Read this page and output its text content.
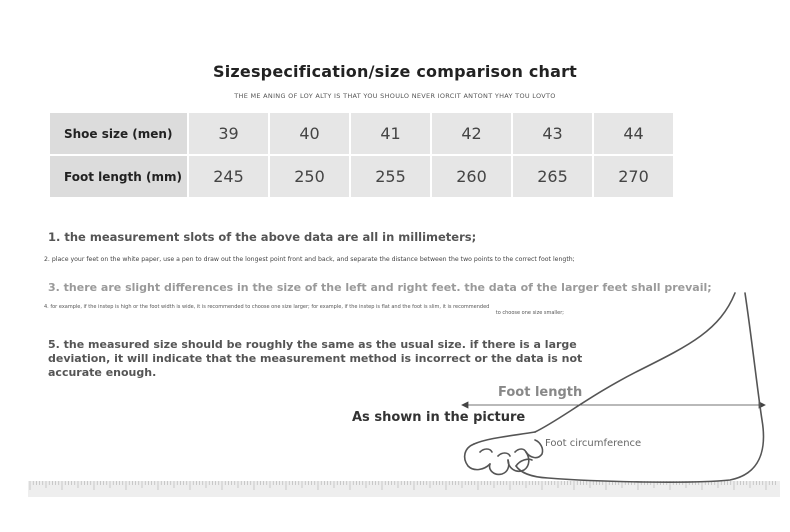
Sizespecification/size comparison chart
THE ME ANING OF LOY ALTY IS THAT YOU SHOULO NEVER IORCIT ANTONT YHAY TOU LOVTO
Shoe size (men)	39	40	41	42	43	44
Foot length (mm)	245	250	255	260	265	270
1. the measurement slots of the above data are all in millimeters;
2. place your feet on the white paper, use a pen to draw out the longest point front and back, and separate the distance between the two points to the correct foot length;
3. there are slight differences in the size of the left and right feet. the data of the larger feet shall prevail;
4. for example, if the instep is high or the foot width is wide, it is recommended to choose one size larger; for example, if the instep is flat and the foot is slim, it is recommended
to choose one size smaller;
5. the measured size should be roughly the same as the usual size. if there is a large deviation, it will indicate that the measurement method is incorrect or the data is not accurate enough.
Foot length
As shown in the picture
Foot circumference
